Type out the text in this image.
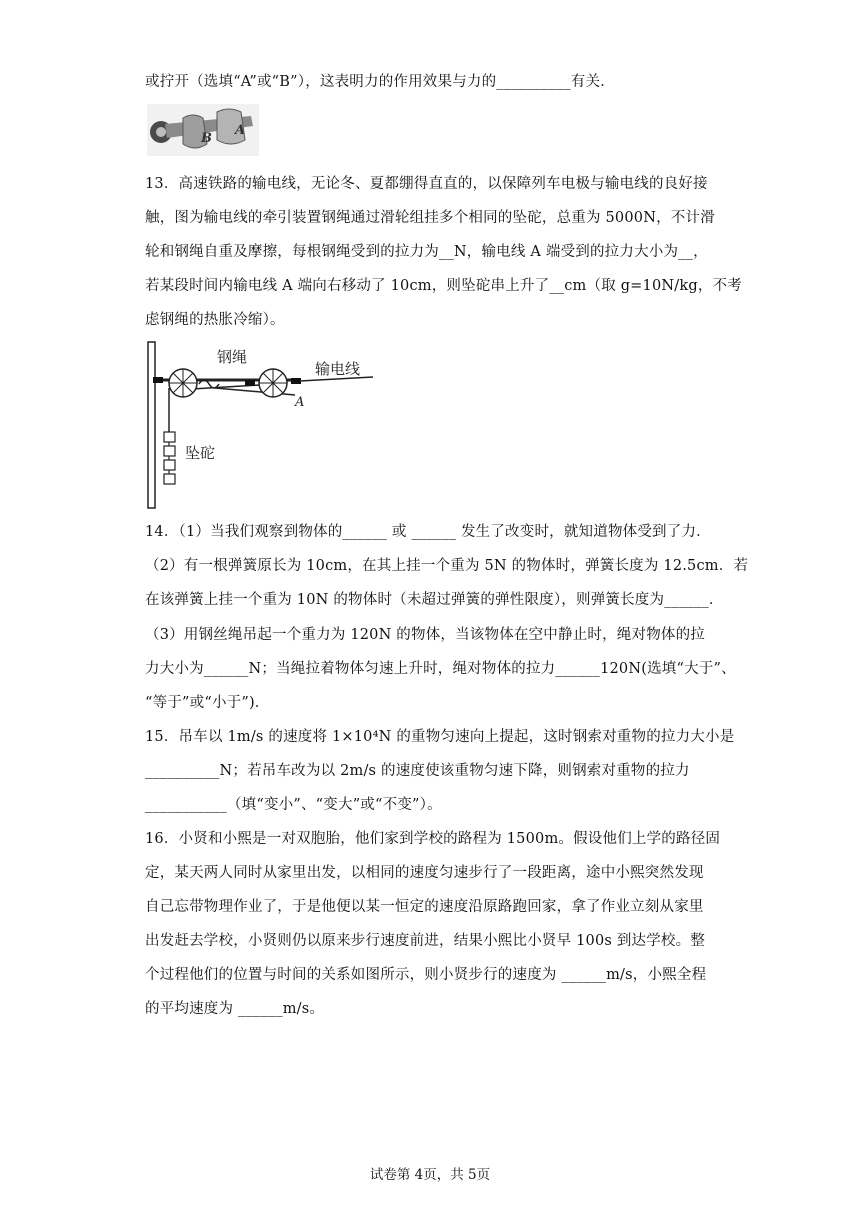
或拧开（选填“A”或“B”），这表明力的作用效果与力的__________有关．
B
A
13．高速铁路的输电线，无论冬、夏都绷得直直的，以保障列车电极与输电线的良好接
触，图为输电线的牵引装置钢绳通过滑轮组挂多个相同的坠砣，总重为 5000N，不计滑
轮和钢绳自重及摩擦，每根钢绳受到的拉力为__N，输电线 A 端受到的拉力大小为__，
若某段时间内输电线 A 端向右移动了 10cm，则坠砣串上升了__cm（取 g=10N/kg，不考
虑钢绳的热胀冷缩）。
钢绳
输电线
A
坠砣
14．（1）当我们观察到物体的______ 或 ______ 发生了改变时，就知道物体受到了力．
（2）有一根弹簧原长为 10cm，在其上挂一个重为 5N 的物体时，弹簧长度为 12.5cm．若
在该弹簧上挂一个重为 10N 的物体时（未超过弹簧的弹性限度），则弹簧长度为______．
（3）用钢丝绳吊起一个重力为 120N 的物体，当该物体在空中静止时，绳对物体的拉
力大小为______N；当绳拉着物体匀速上升时，绳对物体的拉力______120N(选填“大于”、
“等于”或“小于”)．
15．吊车以 1m/s 的速度将 1×10⁴N 的重物匀速向上提起，这时钢索对重物的拉力大小是
__________N；若吊车改为以 2m/s 的速度使该重物匀速下降，则钢索对重物的拉力
___________（填“变小”、“变大”或“不变”）。
16．小贤和小熙是一对双胞胎，他们家到学校的路程为 1500m。假设他们上学的路径固
定，某天两人同时从家里出发，以相同的速度匀速步行了一段距离，途中小熙突然发现
自己忘带物理作业了，于是他便以某一恒定的速度沿原路跑回家，拿了作业立刻从家里
出发赶去学校，小贤则仍以原来步行速度前进，结果小熙比小贤早 100s 到达学校。整
个过程他们的位置与时间的关系如图所示，则小贤步行的速度为 ______m/s，小熙全程
的平均速度为 ______m/s。
试卷第 4页，共 5页
